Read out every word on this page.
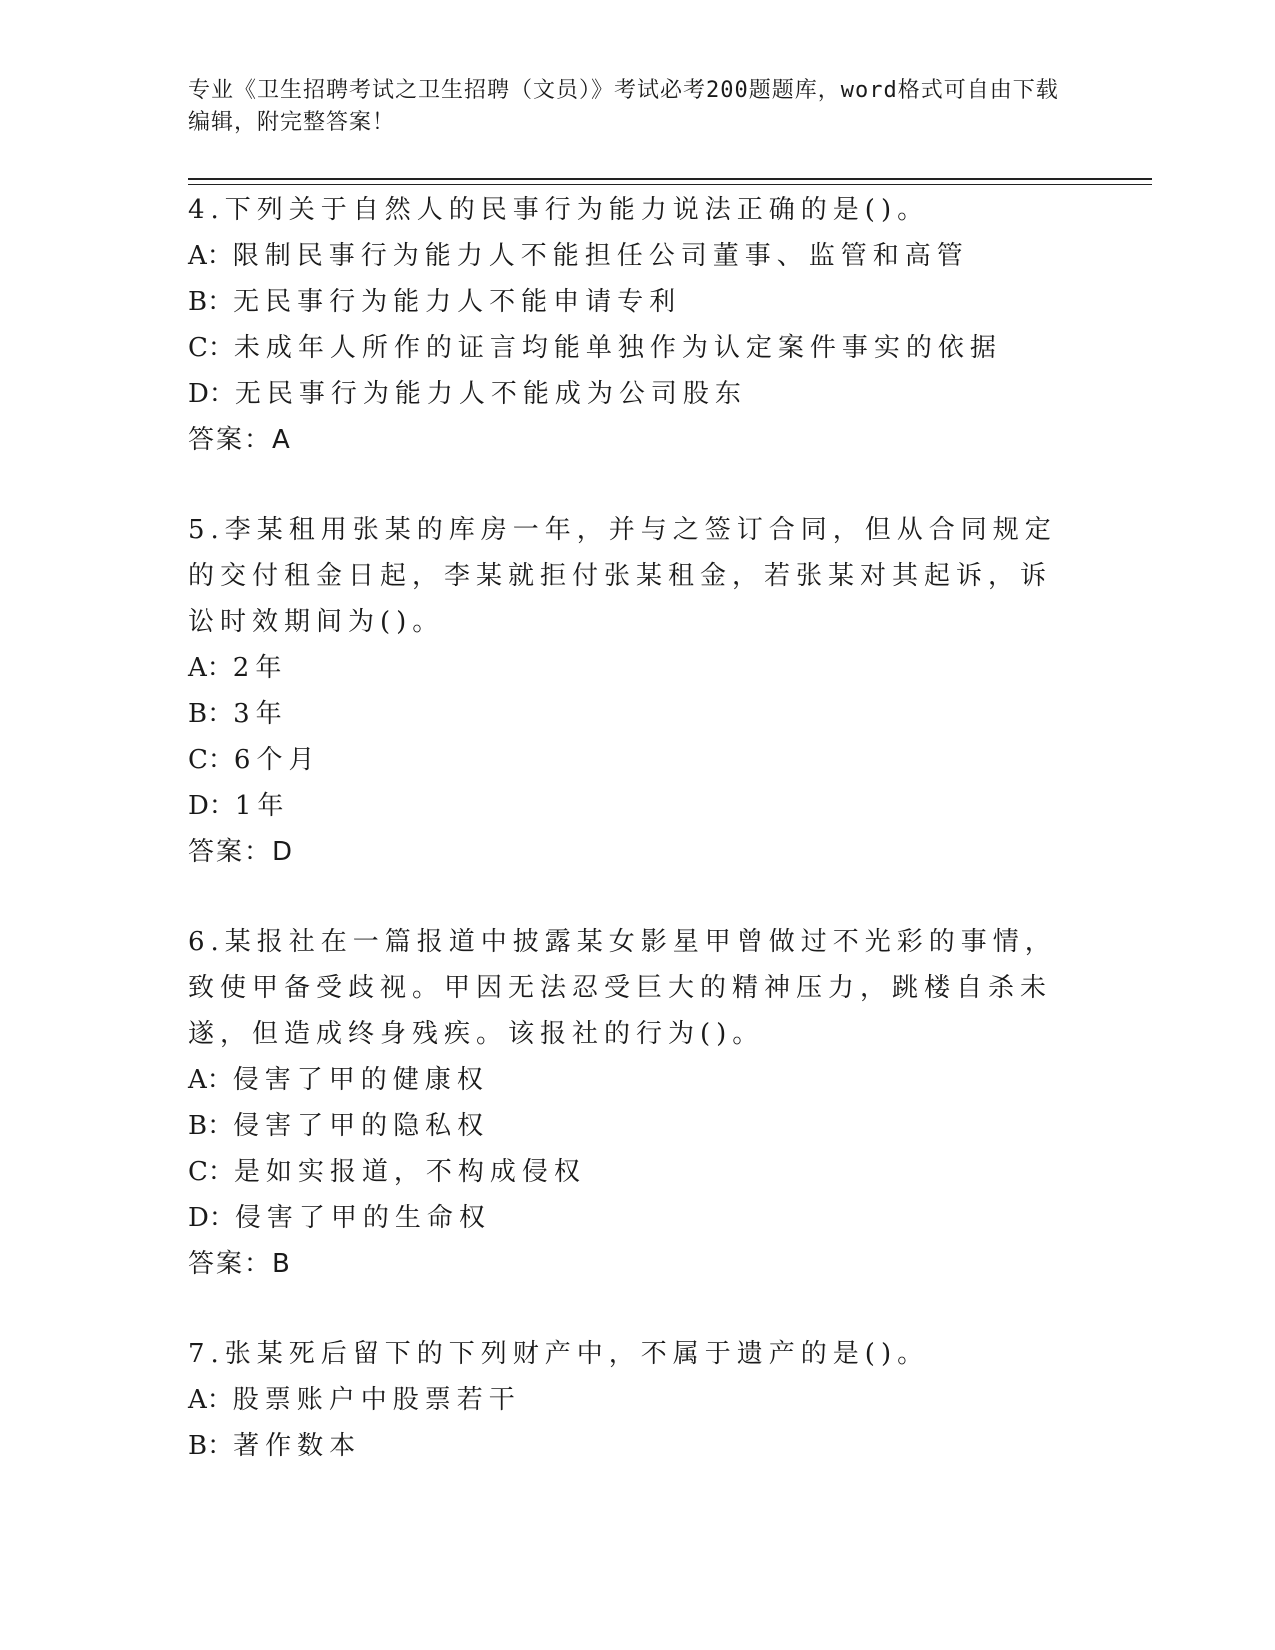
专业《卫生招聘考试之卫生招聘（文员）》考试必考200题题库，word格式可自由下载编辑，附完整答案！
4.下列关于自然人的民事行为能力说法正确的是()。
A：限制民事行为能力人不能担任公司董事、监管和高管
B：无民事行为能力人不能申请专利
C：未成年人所作的证言均能单独作为认定案件事实的依据
D：无民事行为能力人不能成为公司股东
答案：A
5.李某租用张某的库房一年，并与之签订合同，但从合同规定的交付租金日起，李某就拒付张某租金，若张某对其起诉，诉讼时效期间为()。
A：2年
B：3年
C：6个月
D：1年
答案：D
6.某报社在一篇报道中披露某女影星甲曾做过不光彩的事情，致使甲备受歧视。甲因无法忍受巨大的精神压力，跳楼自杀未遂，但造成终身残疾。该报社的行为()。
A：侵害了甲的健康权
B：侵害了甲的隐私权
C：是如实报道，不构成侵权
D：侵害了甲的生命权
答案：B
7.张某死后留下的下列财产中，不属于遗产的是()。
A：股票账户中股票若干
B：著作数本
